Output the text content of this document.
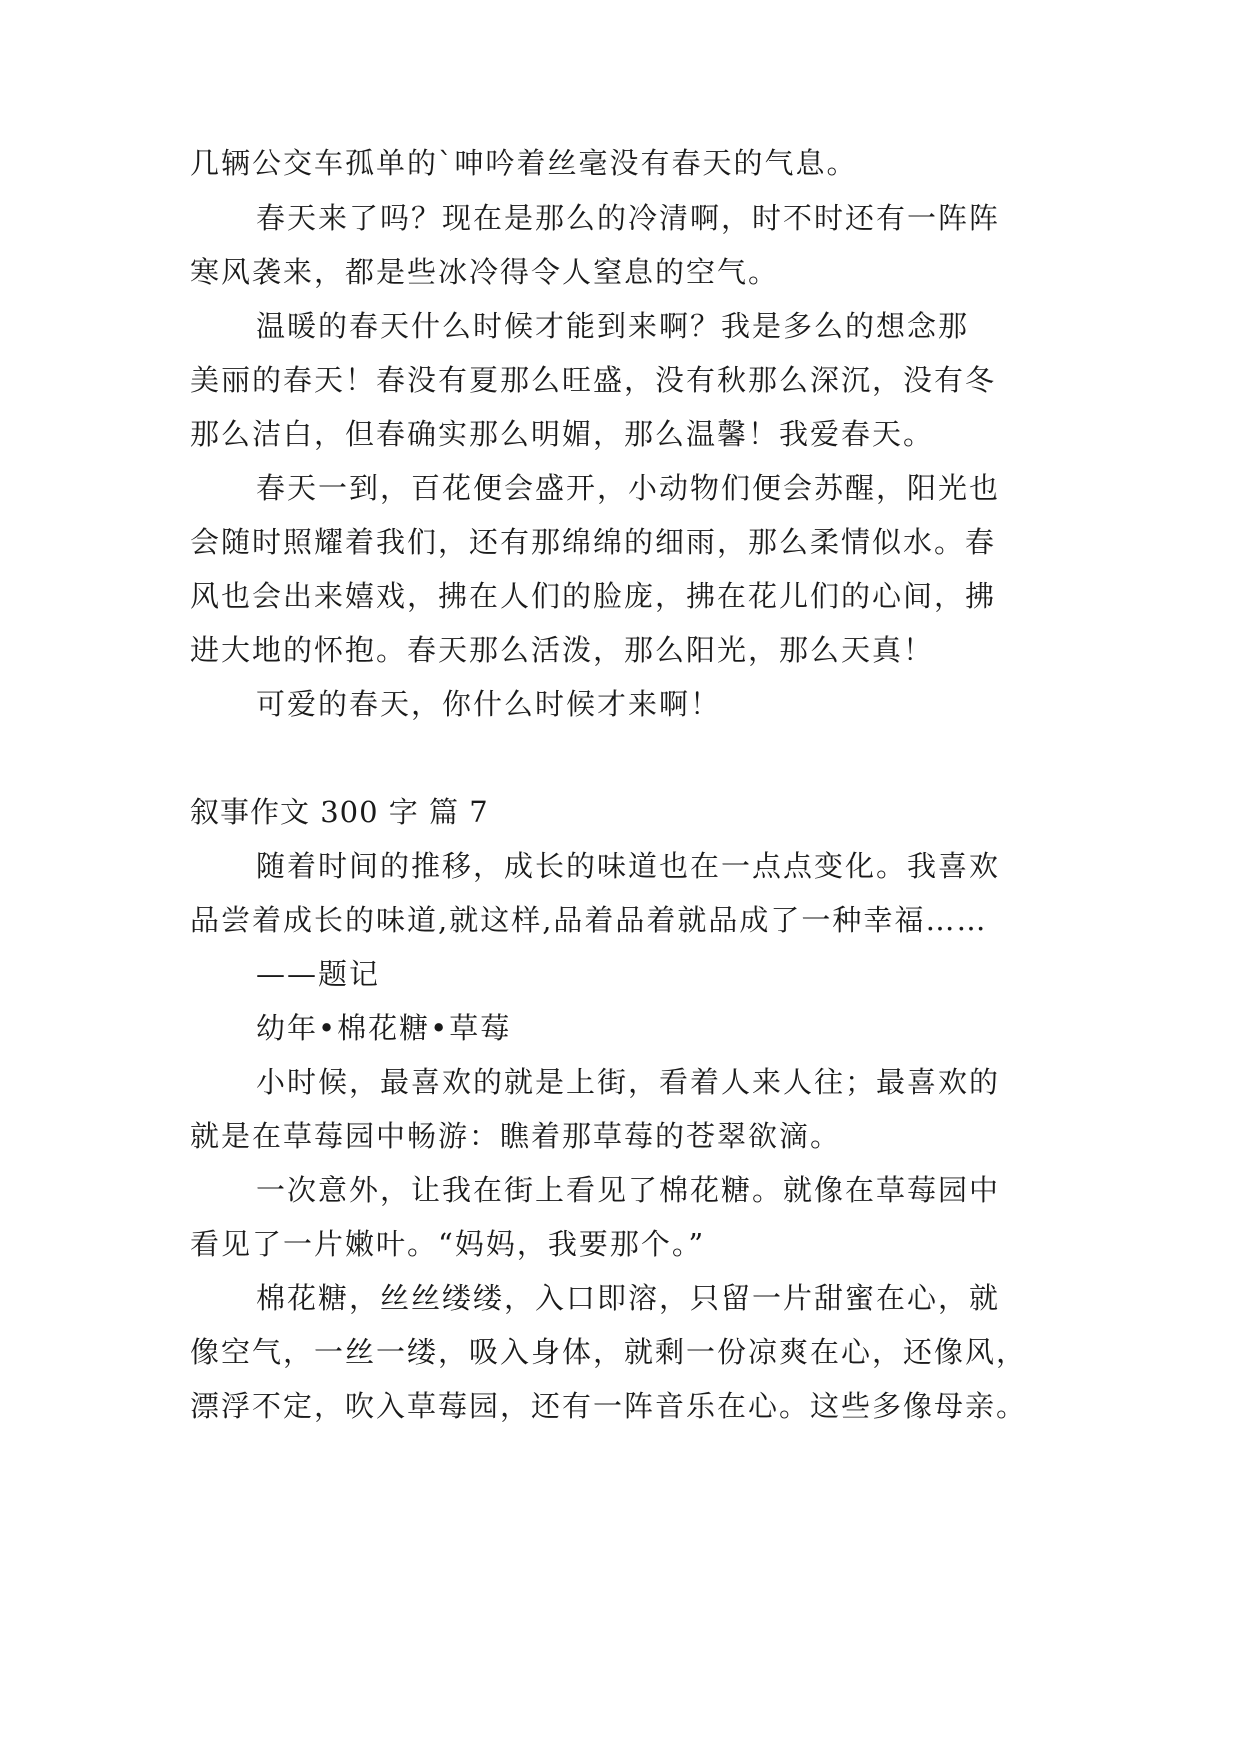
几辆公交车孤单的`呻吟着丝毫没有春天的气息。
春天来了吗？现在是那么的冷清啊，时不时还有一阵阵
寒风袭来，都是些冰冷得令人窒息的空气。
温暖的春天什么时候才能到来啊？我是多么的想念那
美丽的春天！春没有夏那么旺盛，没有秋那么深沉，没有冬
那么洁白，但春确实那么明媚，那么温馨！我爱春天。
春天一到，百花便会盛开，小动物们便会苏醒，阳光也
会随时照耀着我们，还有那绵绵的细雨，那么柔情似水。春
风也会出来嬉戏，拂在人们的脸庞，拂在花儿们的心间，拂
进大地的怀抱。春天那么活泼，那么阳光，那么天真！
可爱的春天，你什么时候才来啊！
叙事作文 300 字 篇 7
随着时间的推移，成长的味道也在一点点变化。我喜欢
品尝着成长的味道,就这样,品着品着就品成了一种幸福……
——题记
幼年•棉花糖•草莓
小时候，最喜欢的就是上街，看着人来人往；最喜欢的
就是在草莓园中畅游：瞧着那草莓的苍翠欲滴。
一次意外，让我在街上看见了棉花糖。就像在草莓园中
看见了一片嫩叶。“妈妈，我要那个。”
棉花糖，丝丝缕缕，入口即溶，只留一片甜蜜在心，就
像空气，一丝一缕，吸入身体，就剩一份凉爽在心，还像风，
漂浮不定，吹入草莓园，还有一阵音乐在心。这些多像母亲。
